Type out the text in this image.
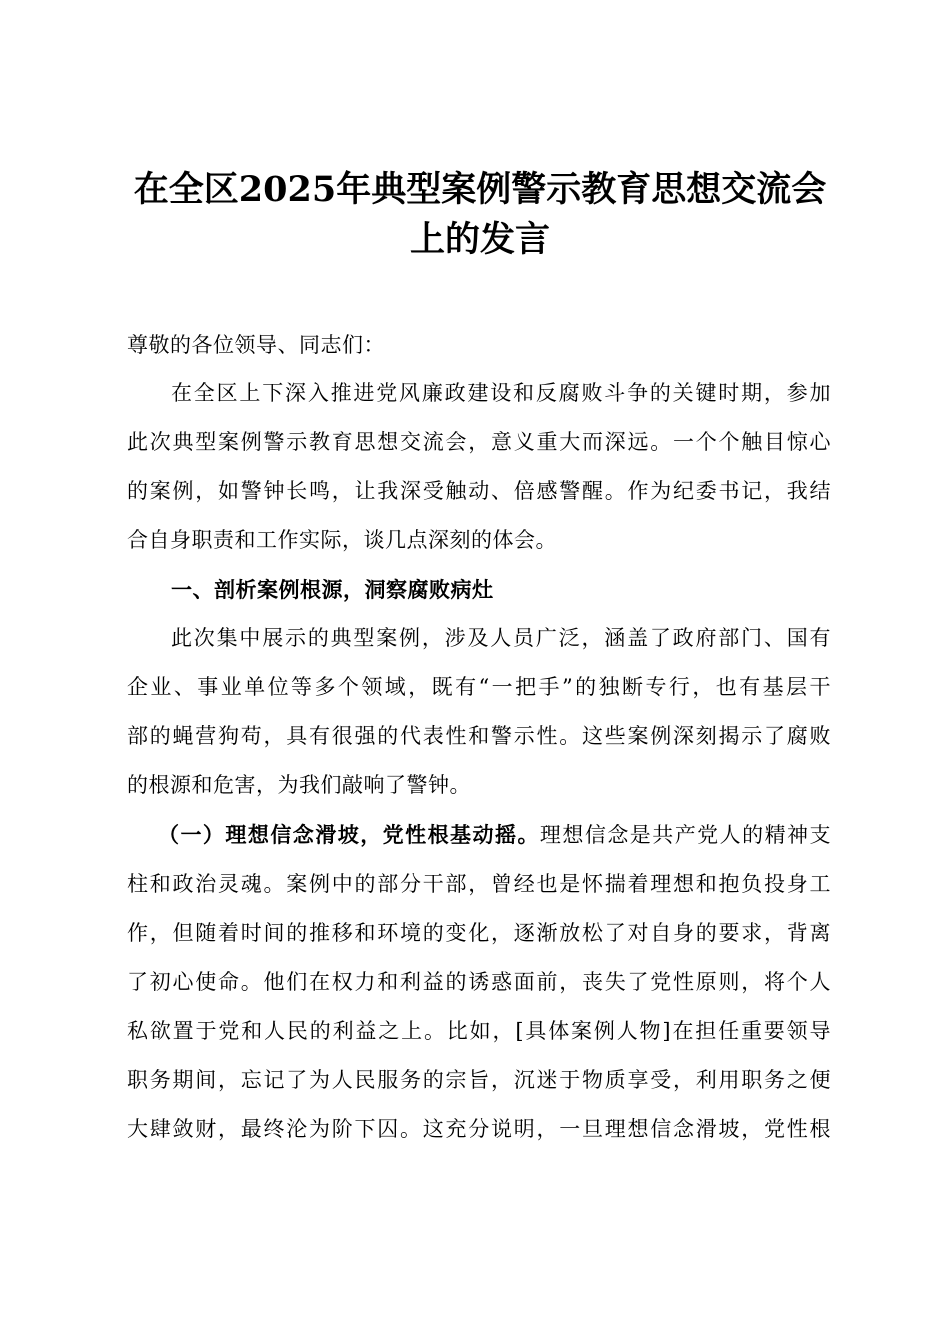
在全区2025年典型案例警示教育思想交流会
上的发言
尊敬的各位领导、同志们：
在全区上下深入推进党风廉政建设和反腐败斗争的关键时期，参加
此次典型案例警示教育思想交流会，意义重大而深远。一个个触目惊心
的案例，如警钟长鸣，让我深受触动、倍感警醒。作为纪委书记，我结
合自身职责和工作实际，谈几点深刻的体会。
一、剖析案例根源，洞察腐败病灶
此次集中展示的典型案例，涉及人员广泛，涵盖了政府部门、国有
企业、事业单位等多个领域，既有“一把手”的独断专行，也有基层干
部的蝇营狗苟，具有很强的代表性和警示性。这些案例深刻揭示了腐败
的根源和危害，为我们敲响了警钟。
（一）理想信念滑坡，党性根基动摇。理想信念是共产党人的精神支
柱和政治灵魂。案例中的部分干部，曾经也是怀揣着理想和抱负投身工
作，但随着时间的推移和环境的变化，逐渐放松了对自身的要求，背离
了初心使命。他们在权力和利益的诱惑面前，丧失了党性原则，将个人
私欲置于党和人民的利益之上。比如，[具体案例人物]在担任重要领导
职务期间，忘记了为人民服务的宗旨，沉迷于物质享受，利用职务之便
大肆敛财，最终沦为阶下囚。这充分说明，一旦理想信念滑坡，党性根
